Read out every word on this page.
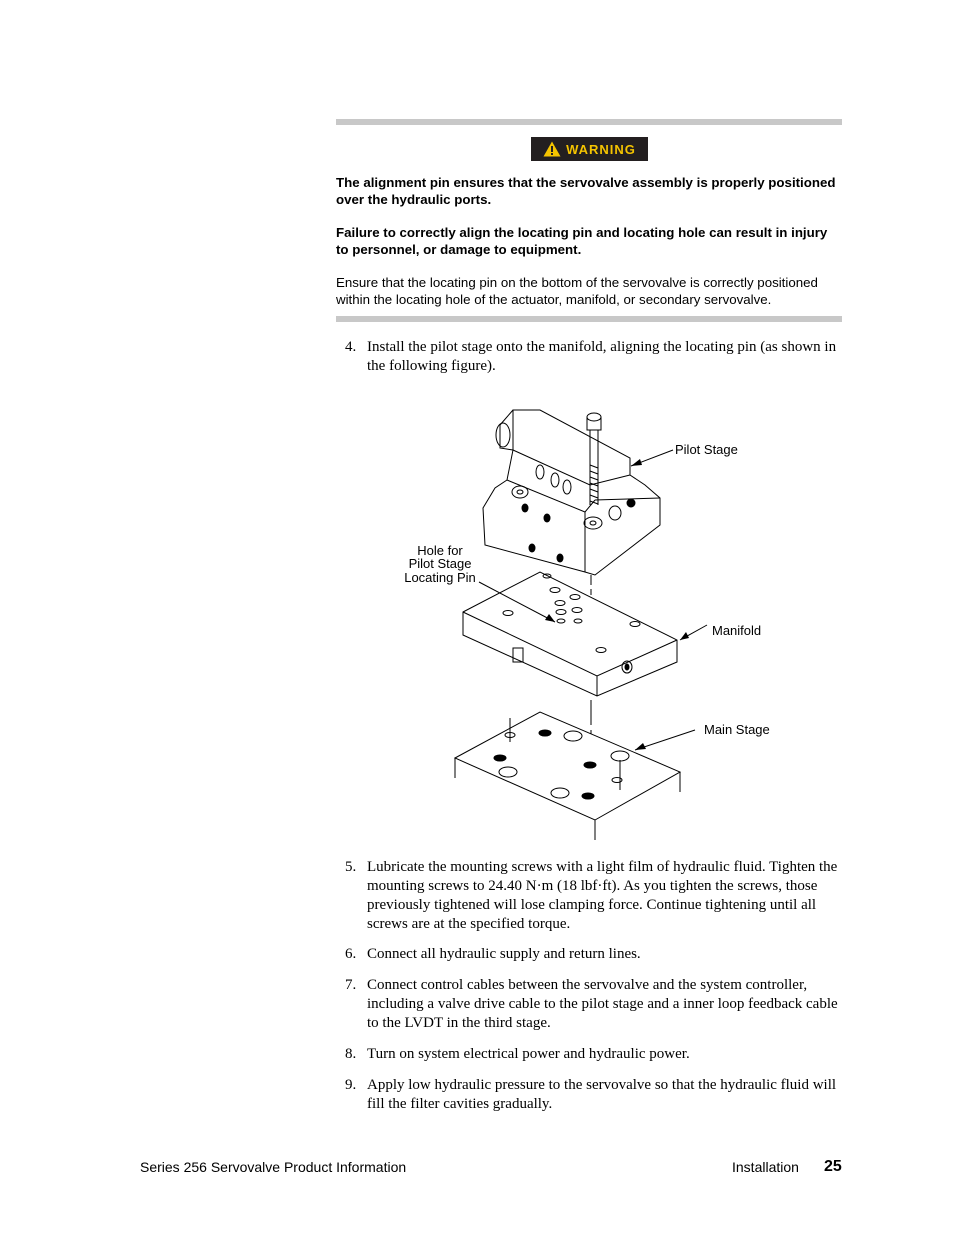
WARNING

The alignment pin ensures that the servovalve assembly is properly positioned over the hydraulic ports.

Failure to correctly align the locating pin and locating hole can result in injury to personnel, or damage to equipment.

Ensure that the locating pin on the bottom of the servovalve is correctly positioned within the locating hole of the actuator, manifold, or secondary servovalve.

4. Install the pilot stage onto the manifold, aligning the locating pin (as shown in the following figure).
Pilot Stage
Hole for
Pilot Stage
Locating Pin
Manifold
Main Stage
5. Lubricate the mounting screws with a light film of hydraulic fluid. Tighten the mounting screws to 24.40 N·m (18 lbf·ft). As you tighten the screws, those previously tightened will lose clamping force. Continue tightening until all screws are at the specified torque.
6. Connect all hydraulic supply and return lines.
7. Connect control cables between the servovalve and the system controller, including a valve drive cable to the pilot stage and a inner loop feedback cable to the LVDT in the third stage.
8. Turn on system electrical power and hydraulic power.
9. Apply low hydraulic pressure to the servovalve so that the hydraulic fluid will fill the filter cavities gradually.
Series 256 Servovalve Product Information	Installation 25
